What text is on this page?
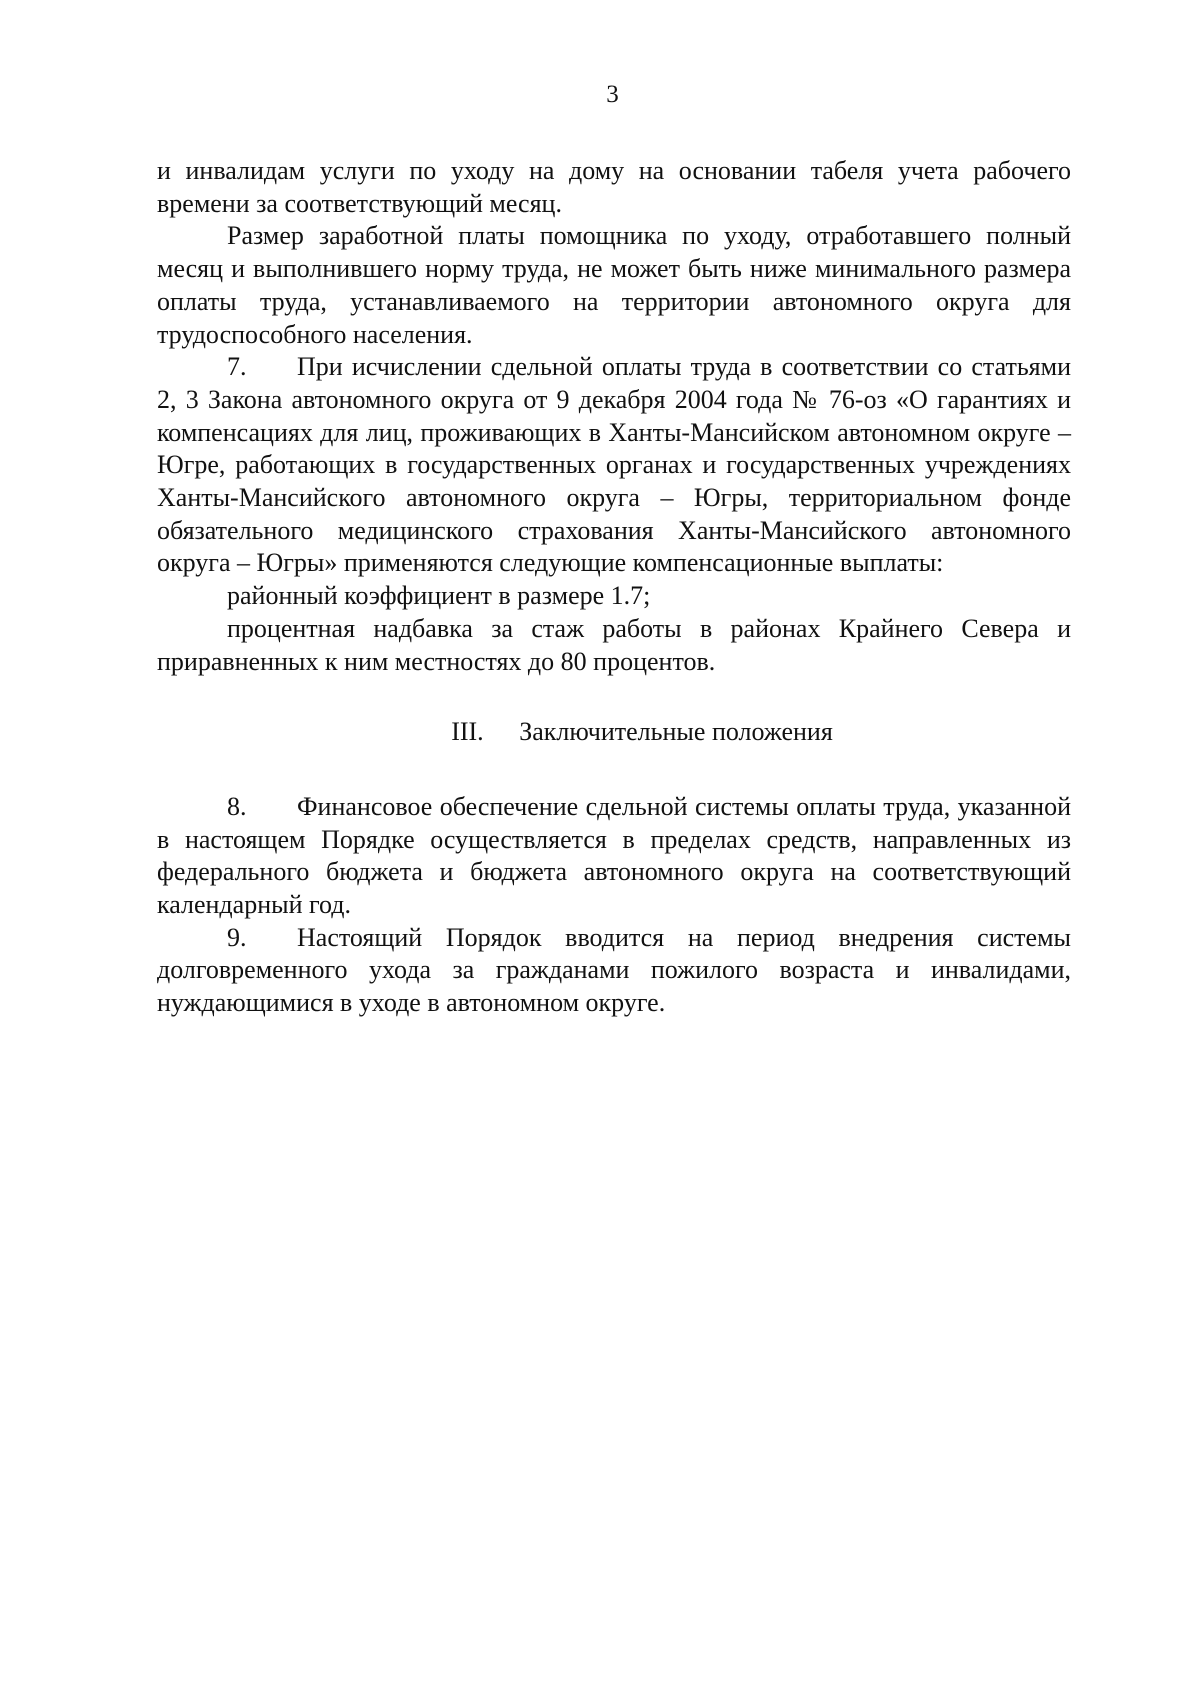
3

и инвалидам услуги по уходу на дому на основании табеля учета рабочего времени за соответствующий месяц.

Размер заработной платы помощника по уходу, отработавшего полный месяц и выполнившего норму труда, не может быть ниже минимального размера оплаты труда, устанавливаемого на территории автономного округа для трудоспособного населения.

7. При исчислении сдельной оплаты труда в соответствии со статьями 2, 3 Закона автономного округа от 9 декабря 2004 года № 76-оз «О гарантиях и компенсациях для лиц, проживающих в Ханты-Мансийском автономном округе – Югре, работающих в государственных органах и государственных учреждениях Ханты-Мансийского автономного округа – Югры, территориальном фонде обязательного медицинского страхования Ханты-Мансийского автономного округа – Югры» применяются следующие компенсационные выплаты:

районный коэффициент в размере 1.7;

процентная надбавка за стаж работы в районах Крайнего Севера и приравненных к ним местностях до 80 процентов.

III. Заключительные положения

8. Финансовое обеспечение сдельной системы оплаты труда, указанной в настоящем Порядке осуществляется в пределах средств, направленных из федерального бюджета и бюджета автономного округа на соответствующий календарный год.

9. Настоящий Порядок вводится на период внедрения системы долговременного ухода за гражданами пожилого возраста и инвалидами, нуждающимися в уходе в автономном округе.
